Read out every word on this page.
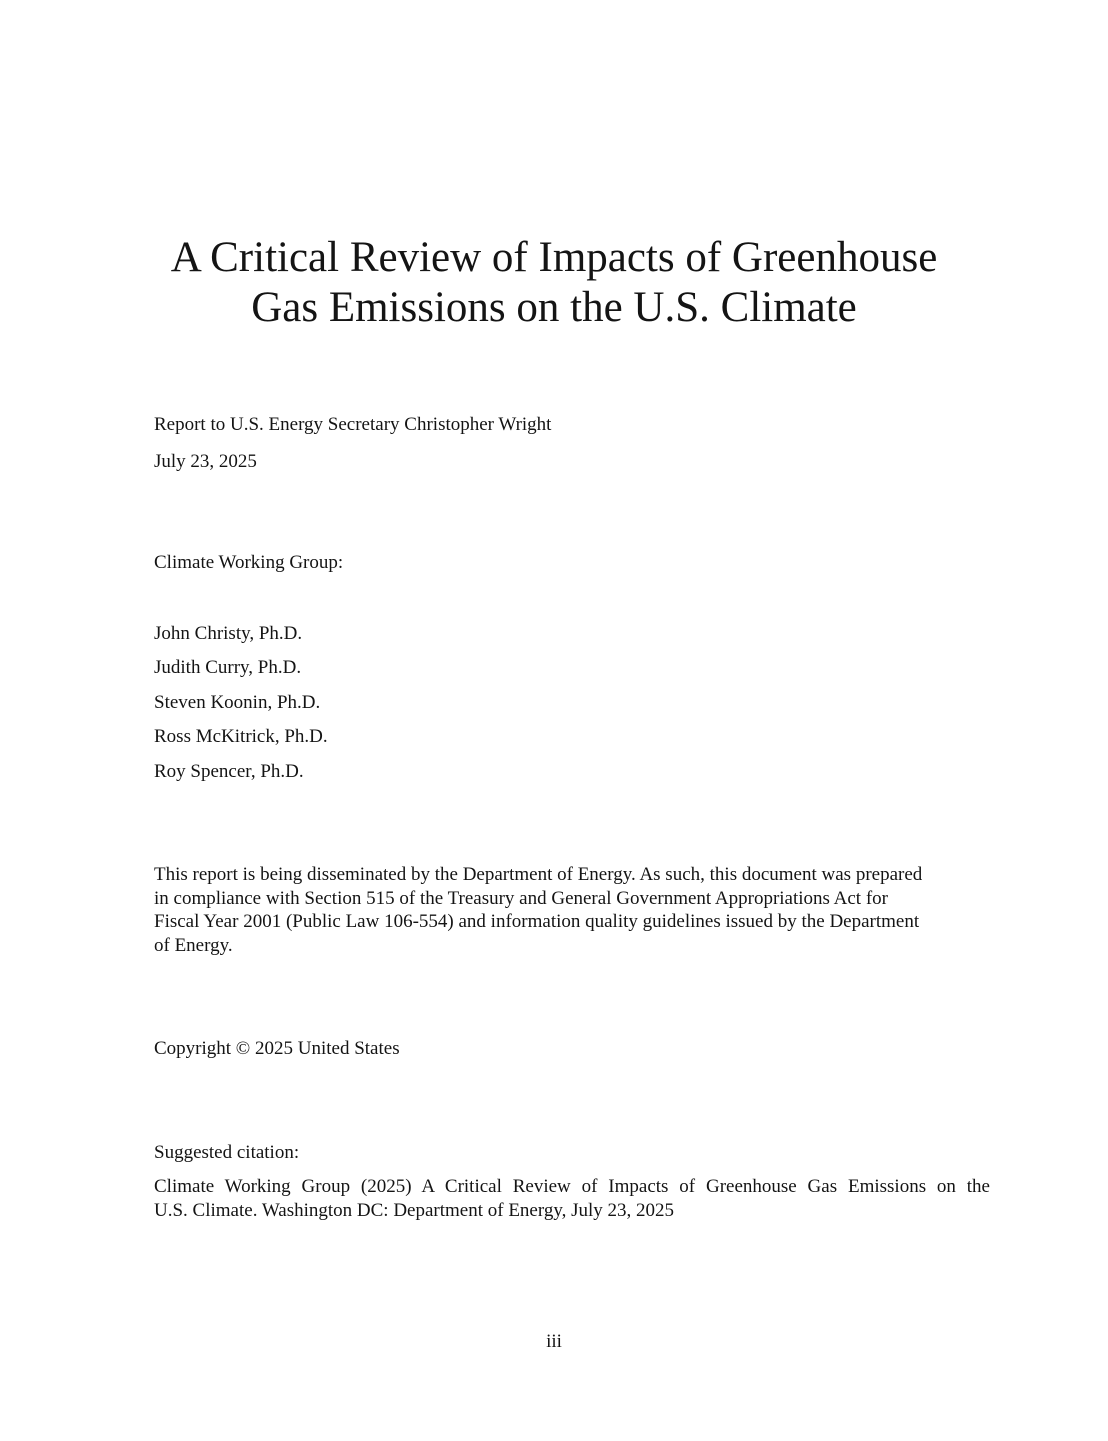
A Critical Review of Impacts of Greenhouse
Gas Emissions on the U.S. Climate

Report to U.S. Energy Secretary Christopher Wright

July 23, 2025

Climate Working Group:

John Christy, Ph.D.

Judith Curry, Ph.D.

Steven Koonin, Ph.D.

Ross McKitrick, Ph.D.

Roy Spencer, Ph.D.

This report is being disseminated by the Department of Energy. As such, this document was prepared
in compliance with Section 515 of the Treasury and General Government Appropriations Act for
Fiscal Year 2001 (Public Law 106-554) and information quality guidelines issued by the Department
of Energy.

Copyright © 2025 United States

Suggested citation:

Climate Working Group (2025) A Critical Review of Impacts of Greenhouse Gas Emissions on the
U.S. Climate. Washington DC: Department of Energy, July 23, 2025

iii
